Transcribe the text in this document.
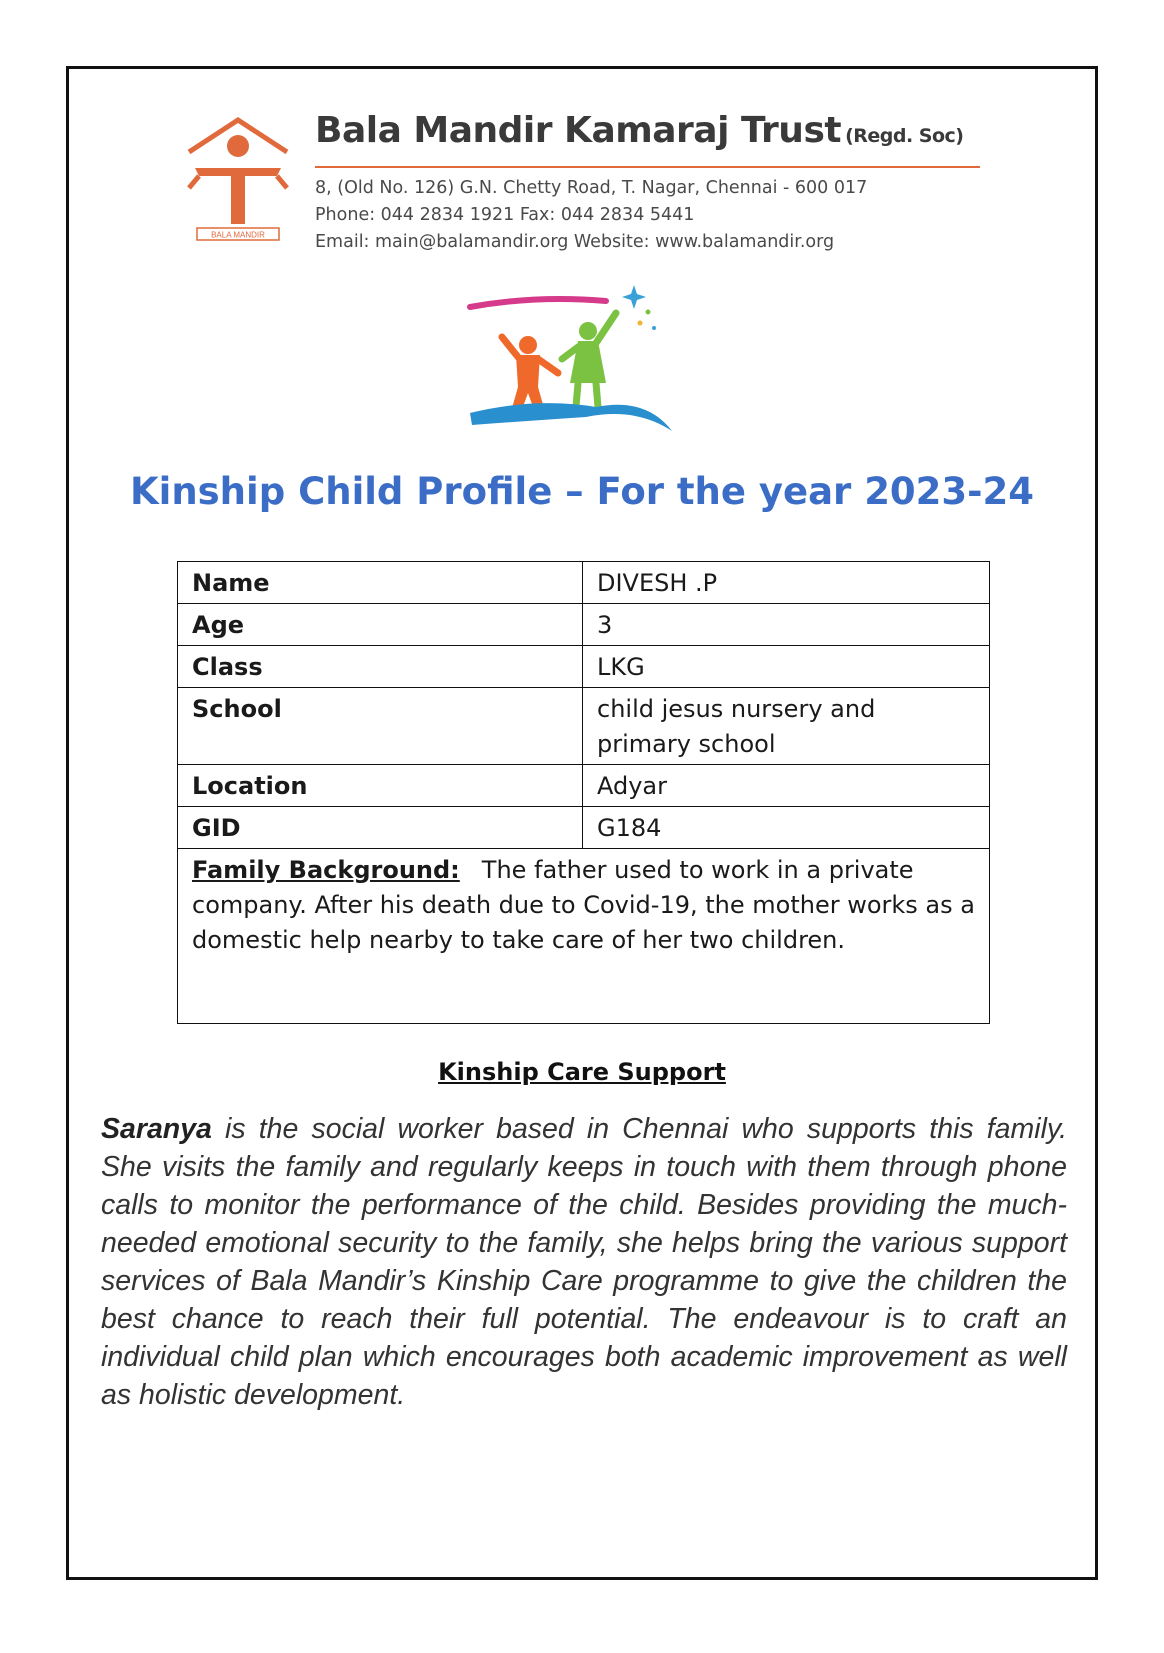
BALA MANDIR
Bala Mandir Kamaraj Trust (Regd. Soc)
8, (Old No. 126) G.N. Chetty Road, T. Nagar, Chennai - 600 017
Phone: 044 2834 1921 Fax: 044 2834 5441
Email: main@balamandir.org Website: www.balamandir.org
Kinship Child Profile – For the year 2023-24
Name	DIVESH .P
Age	3
Class	LKG
School	child jesus nursery and primary school
Location	Adyar
GID	G184
Family Background: The father used to work in a private company. After his death due to Covid-19, the mother works as a domestic help nearby to take care of her two children.	
Kinship Care Support
Saranya is the social worker based in Chennai who supports this family. She visits the family and regularly keeps in touch with them through phone calls to monitor the performance of the child. Besides providing the much-needed emotional security to the family, she helps bring the various support services of Bala Mandir’s Kinship Care programme to give the children the best chance to reach their full potential. The endeavour is to craft an individual child plan which encourages both academic improvement as well as holistic development.
